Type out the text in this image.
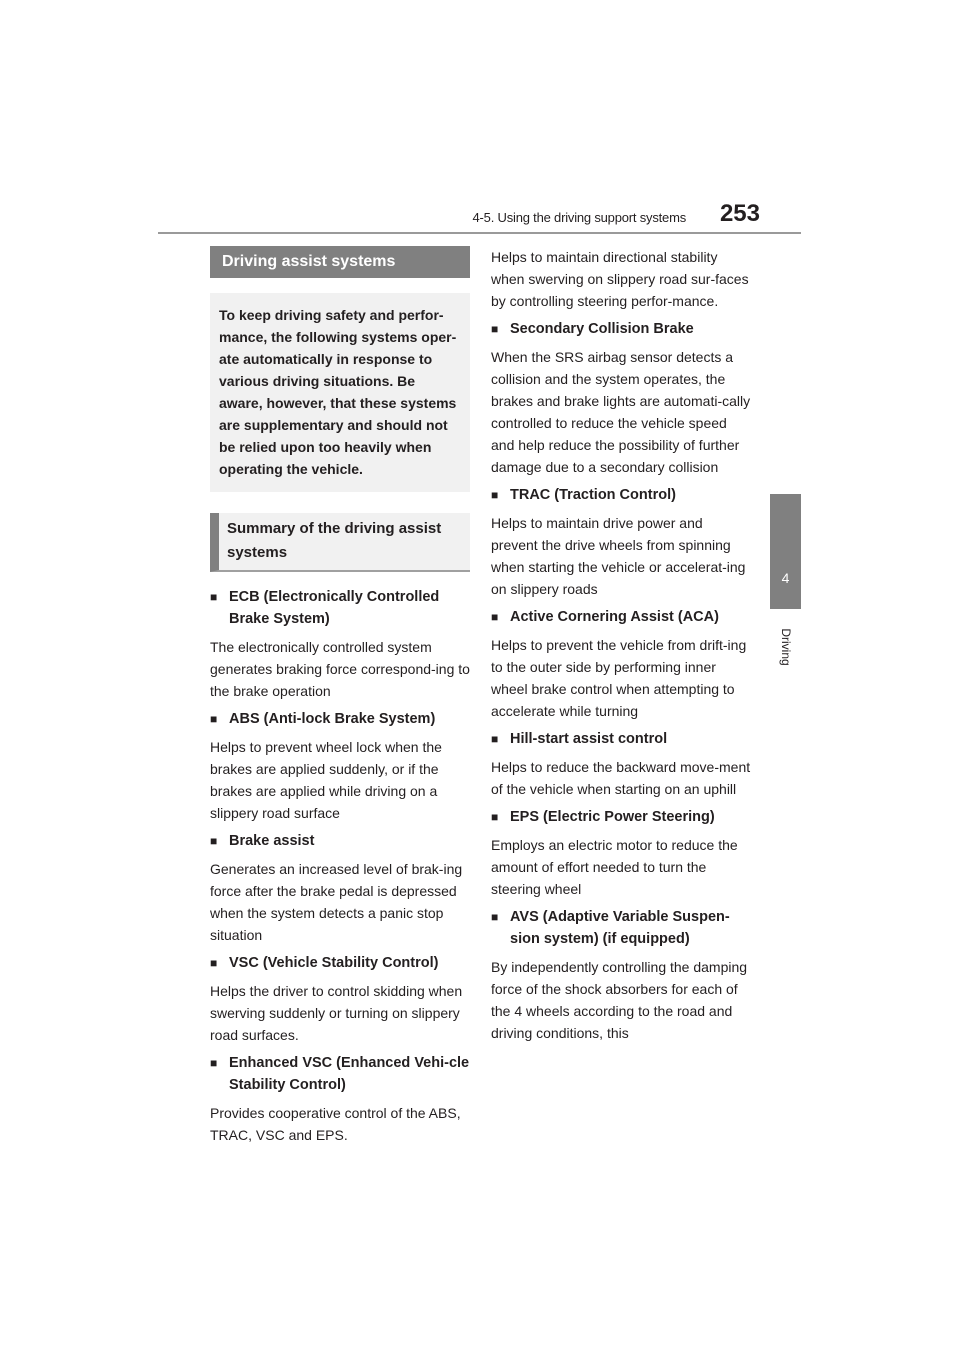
4-5. Using the driving support systems 253
4
Driving
Driving assist systems
To keep driving safety and perfor-mance, the following systems oper-ate automatically in response to various driving situations. Be aware, however, that these systems are supplementary and should not be relied upon too heavily when operating the vehicle.
Summary of the driving assist systems
■ ECB (Electronically Controlled Brake System)

The electronically controlled system generates braking force correspond-ing to the brake operation

■ ABS (Anti-lock Brake System)

Helps to prevent wheel lock when the brakes are applied suddenly, or if the brakes are applied while driving on a slippery road surface

■ Brake assist

Generates an increased level of brak-ing force after the brake pedal is depressed when the system detects a panic stop situation

■ VSC (Vehicle Stability Control)

Helps the driver to control skidding when swerving suddenly or turning on slippery road surfaces.

■ Enhanced VSC (Enhanced Vehi-cle Stability Control)

Provides cooperative control of the ABS, TRAC, VSC and EPS.

Helps to maintain directional stability when swerving on slippery road sur-faces by controlling steering perfor-mance.

■ Secondary Collision Brake

When the SRS airbag sensor detects a collision and the system operates, the brakes and brake lights are automati-cally controlled to reduce the vehicle speed and help reduce the possibility of further damage due to a secondary collision

■ TRAC (Traction Control)

Helps to maintain drive power and prevent the drive wheels from spinning when starting the vehicle or accelerat-ing on slippery roads

■ Active Cornering Assist (ACA)

Helps to prevent the vehicle from drift-ing to the outer side by performing inner wheel brake control when attempting to accelerate while turning

■ Hill-start assist control

Helps to reduce the backward move-ment of the vehicle when starting on an uphill

■ EPS (Electric Power Steering)

Employs an electric motor to reduce the amount of effort needed to turn the steering wheel

■ AVS (Adaptive Variable Suspen-sion system) (if equipped)

By independently controlling the damping force of the shock absorbers for each of the 4 wheels according to the road and driving conditions, this
